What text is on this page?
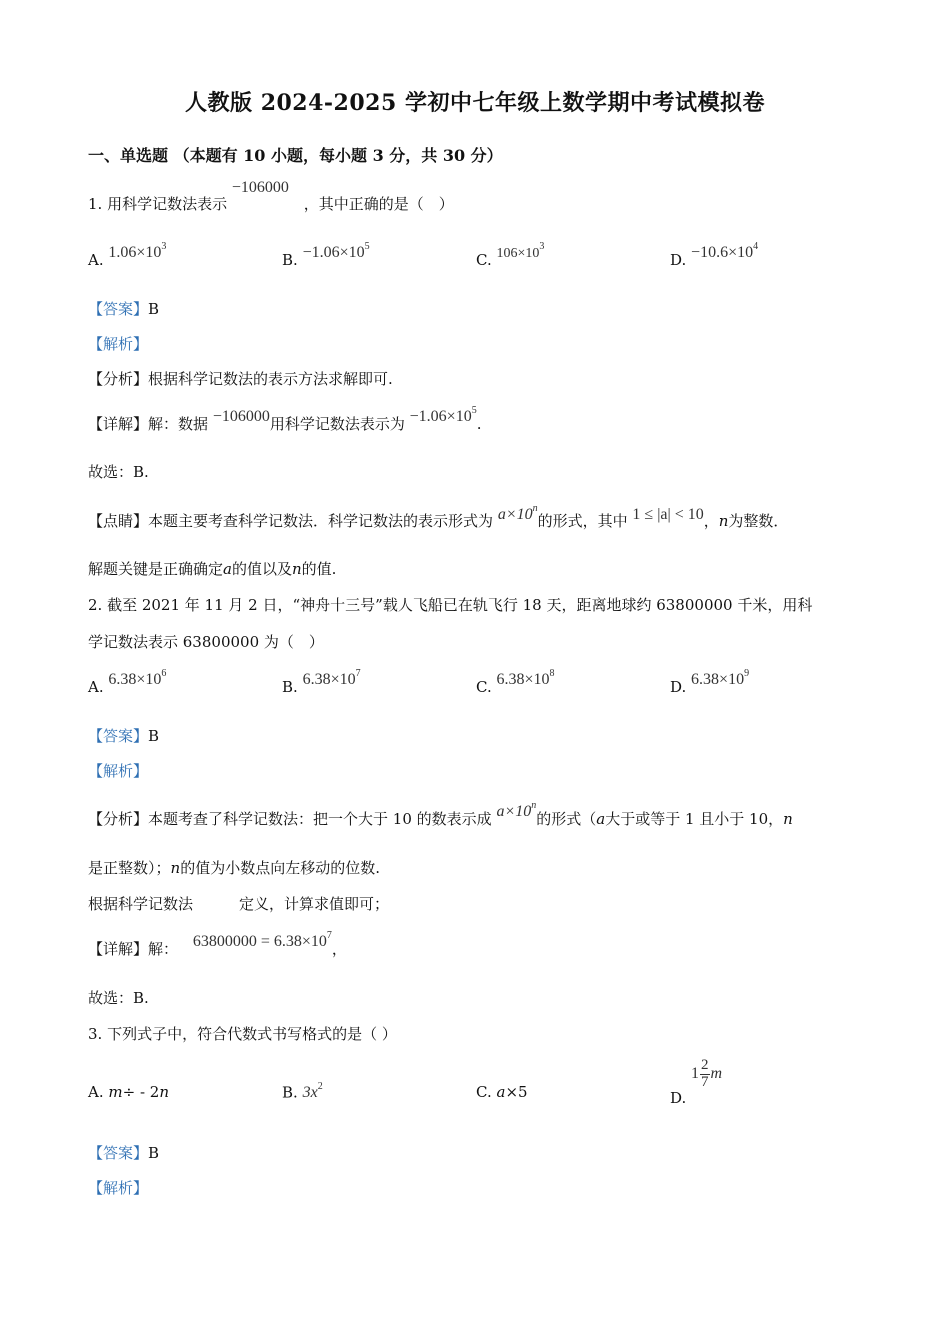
人教版 2024-2025 学初中七年级上数学期中考试模拟卷
一、单选题 （本题有 10 小题，每小题 3 分，共 30 分）
1. 用科学记数法表示 −106000 ，其中正确的是（　）
A. $1.06\times 10^3$
B. $-1.06\times 10^5$
C. $106\times 10^3$
D. $-10.6\times 10^4$
【答案】B
【解析】
【分析】根据科学记数法的表示方法求解即可.
【详解】解：数据 −106000用科学记数法表示为 $-1.06\times 10^5$.
故选：B.
【点睛】本题主要考查科学记数法．科学记数法的表示形式为 $a\times 10^n$的形式，其中 1 ≤ |a| < 10，n为整数．
解题关键是正确确定a的值以及n的值.
2. 截至 2021 年 11 月 2 日，“神舟十三号”载人飞船已在轨飞行 18 天，距离地球约 63800000 千米，用科
学记数法表示 63800000 为（　）
A. $6.38\times 10^6$
B. $6.38\times 10^7$
C. $6.38\times 10^8$
D. $6.38\times 10^9$
【答案】B
【解析】
【分析】本题考查了科学记数法：把一个大于 10 的数表示成 $a\times 10^n$的形式（a大于或等于 1 且小于 10，n
是正整数）；n的值为小数点向左移动的位数.
根据科学记数法	定义，计算求值即可；
【详解】解： $63800000 = 6.38\times 10^7$，
故选：B.
3. 下列式子中，符合代数式书写格式的是（ ）
A. m÷ - 2n	B. $3x^2$	C. a×5	D.
$1 \frac{2}{7}$ m
【答案】B
【解析】
